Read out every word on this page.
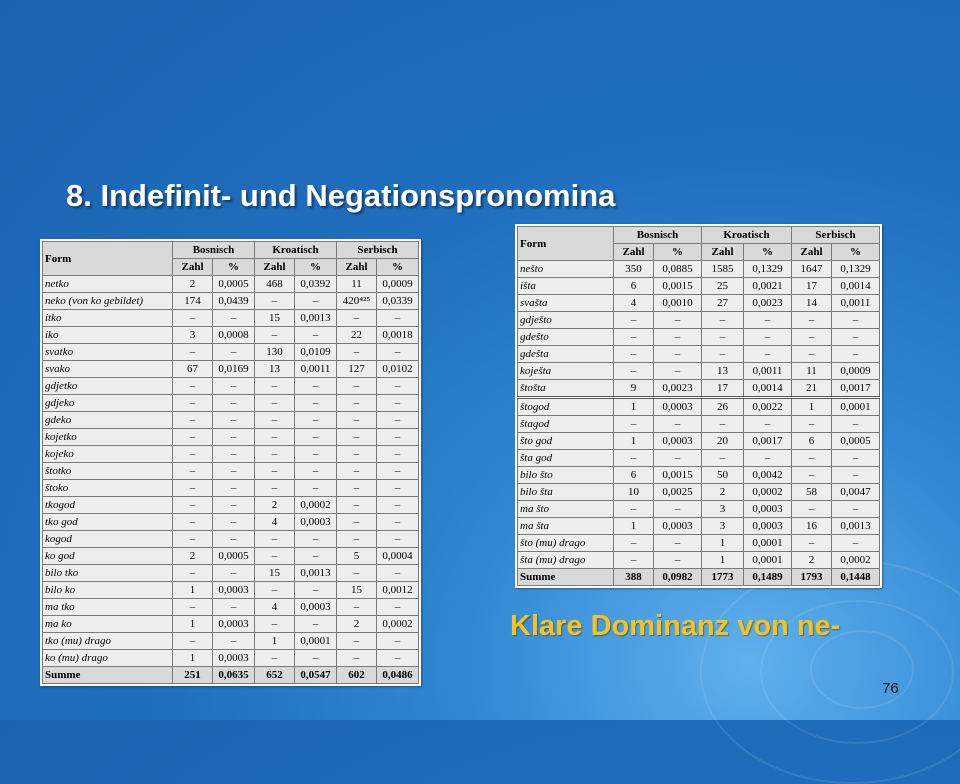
8. Indefinit- und Negationspronomina
Form	Bosnisch		Kroatisch		Serbisch	
	Zahl	%	Zahl	%	Zahl	%
netko	2	0,0005	468	0,0392	11	0,0009
neko (von ko gebildet)	174	0,0439	–	–	420⁴²⁵	0,0339
itko	–	–	15	0,0013	–	–
iko	3	0,0008	–	–	22	0,0018
svatko	–	–	130	0,0109	–	–
svako	67	0,0169	13	0,0011	127	0,0102
gdjetko	–	–	–	–	–	–
gdjeko	–	–	–	–	–	–
gdeko	–	–	–	–	–	–
kojetko	–	–	–	–	–	–
kojeko	–	–	–	–	–	–
štotko	–	–	–	–	–	–
štoko	–	–	–	–	–	–
tkogod	–	–	2	0,0002	–	–
tko god	–	–	4	0,0003	–	–
kogod	–	–	–	–	–	–
ko god	2	0,0005	–	–	5	0,0004
bilo tko	–	–	15	0,0013	–	–
bilo ko	1	0,0003	–	–	15	0,0012
ma tko	–	–	4	0,0003	–	–
ma ko	1	0,0003	–	–	2	0,0002
tko (mu) drago	–	–	1	0,0001	–	–
ko (mu) drago	1	0,0003	–	–	–	–
Summe	251	0,0635	652	0,0547	602	0,0486
Form	Bosnisch		Kroatisch		Serbisch	
	Zahl	%	Zahl	%	Zahl	%
nešto	350	0,0885	1585	0,1329	1647	0,1329
išta	6	0,0015	25	0,0021	17	0,0014
svašta	4	0,0010	27	0,0023	14	0,0011
gdješto	–	–	–	–	–	–
gdešto	–	–	–	–	–	–
gdešta	–	–	–	–	–	–
koješta	–	–	13	0,0011	11	0,0009
štošta	9	0,0023	17	0,0014	21	0,0017
štogod	1	0,0003	26	0,0022	1	0,0001
štagod	–	–	–	–	–	–
što god	1	0,0003	20	0,0017	6	0,0005
šta god	–	–	–	–	–	–
bilo što	6	0,0015	50	0,0042	–	–
bilo šta	10	0,0025	2	0,0002	58	0,0047
ma što	–	–	3	0,0003	–	–
ma šta	1	0,0003	3	0,0003	16	0,0013
što (mu) drago	–	–	1	0,0001	–	–
šta (mu) drago	–	–	1	0,0001	2	0,0002
Summe	388	0,0982	1773	0,1489	1793	0,1448
Klare Dominanz von ne-
76
